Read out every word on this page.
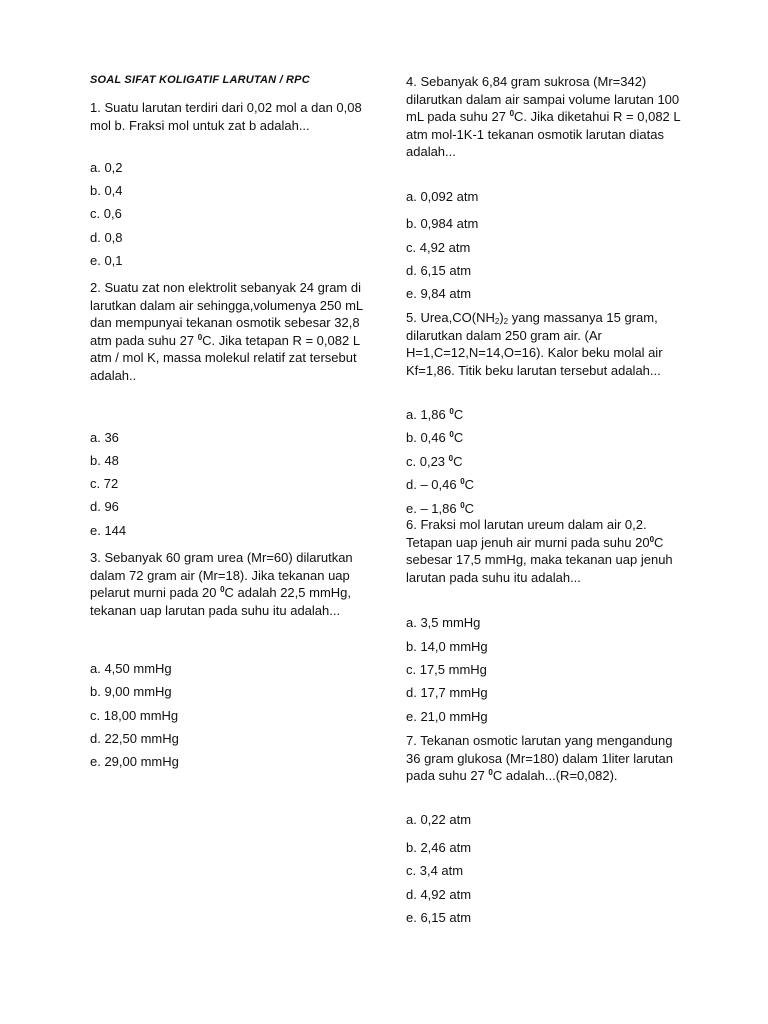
SOAL SIFAT KOLIGATIF LARUTAN / RPC

1. Suatu larutan terdiri dari 0,02 mol a dan 0,08 mol b. Fraksi mol untuk zat b adalah...

a. 0,2

b. 0,4

c. 0,6

d. 0,8

e. 0,1

2. Suatu zat non elektrolit sebanyak 24 gram di larutkan dalam air sehingga,volumenya 250 mL dan mempunyai tekanan osmotik sebesar 32,8 atm pada suhu 27 $^0$C. Jika tetapan R = 0,082 L atm / mol K, massa molekul relatif zat tersebut adalah..

a. 36

b. 48

c. 72

d. 96

e. 144

3. Sebanyak 60 gram urea (Mr=60) dilarutkan dalam 72 gram air (Mr=18). Jika tekanan uap pelarut murni pada 20 $^0$C adalah 22,5 mmHg, tekanan uap larutan pada suhu itu adalah...

a. 4,50 mmHg

b. 9,00 mmHg

c. 18,00 mmHg

d. 22,50 mmHg

e. 29,00 mmHg

4. Sebanyak 6,84 gram sukrosa (Mr=342) dilarutkan dalam air sampai volume larutan 100 mL pada suhu 27 $^0$C. Jika diketahui R = 0,082 L atm mol-1K-1 tekanan osmotik larutan diatas adalah...

a. 0,092 atm

b. 0,984 atm

c. 4,92 atm

d. 6,15 atm

e. 9,84 atm

5. $Urea,CO(NH_2)_2$ yang massanya 15 gram, dilarutkan dalam 250 gram air. (Ar H=1,C=12,N=14,O=16). Kalor beku molal air Kf=1,86. Titik beku larutan tersebut adalah...

a. 1,86 $^0$C

b. 0,46 $^0$C

c. 0,23 $^0$C

d. – 0,46 $^0$C

e. – 1,86 $^0$C

6. Fraksi mol larutan ureum dalam air 0,2. Tetapan uap jenuh air murni pada suhu $20^0C$ sebesar 17,5 mmHg, maka tekanan uap jenuh larutan pada suhu itu adalah...

a. 3,5 mmHg

b. 14,0 mmHg

c. 17,5 mmHg

d. 17,7 mmHg

e. 21,0 mmHg

7. Tekanan osmotic larutan yang mengandung 36 gram glukosa (Mr=180) dalam 1liter larutan pada suhu 27 $^0$C adalah...(R=0,082).

a. 0,22 atm

b. 2,46 atm

c. 3,4 atm

d. 4,92 atm

e. 6,15 atm
